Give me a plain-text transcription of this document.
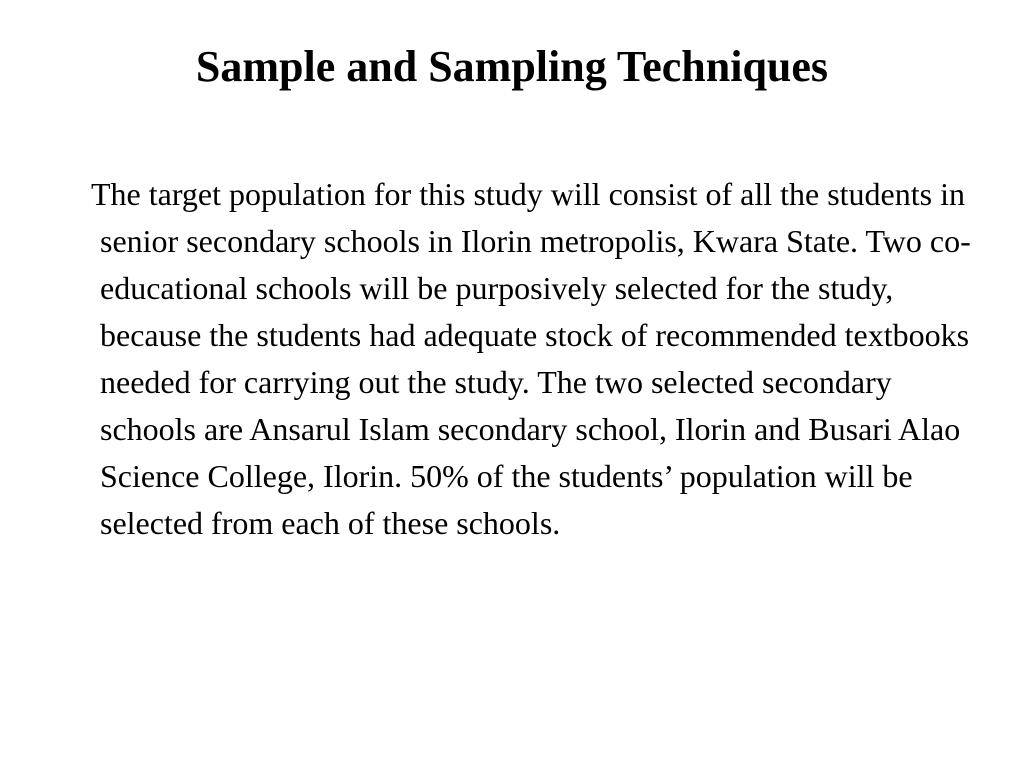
Sample and Sampling Techniques

The target population for this study will consist of all the students in senior secondary schools in Ilorin metropolis, Kwara State. Two co-educational schools will be purposively selected for the study, because the students had adequate stock of recommended textbooks needed for carrying out the study. The two selected secondary schools are Ansarul Islam secondary school, Ilorin and Busari Alao Science College, Ilorin. 50% of the students’ population will be selected from each of these schools.
